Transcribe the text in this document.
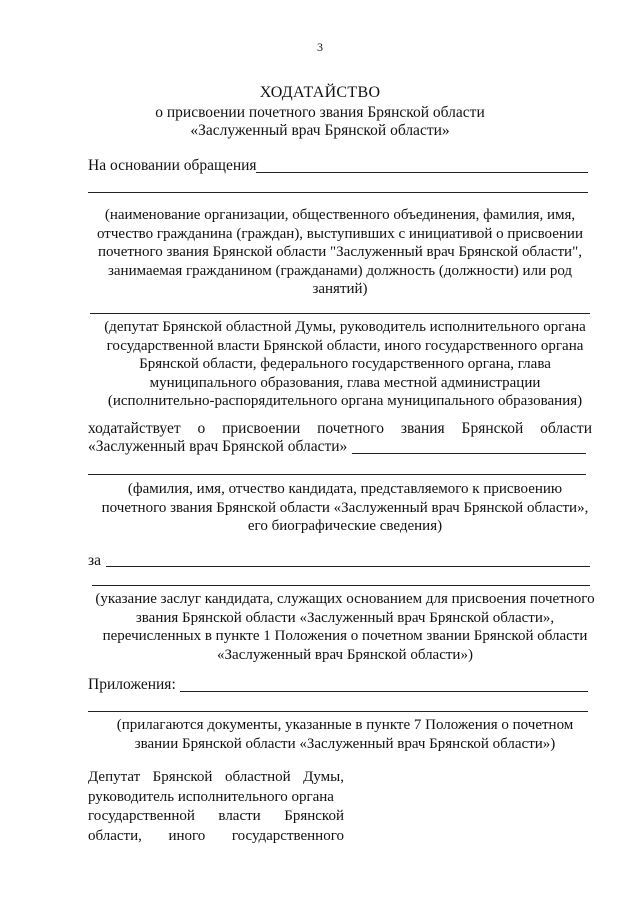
3
ХОДАТАЙСТВО
о присвоении почетного звания Брянской области
«Заслуженный врач Брянской области»
На основании обращения
(наименование организации, общественного объединения, фамилия, имя,
отчество гражданина (граждан), выступивших с инициативой о присвоении
почетного звания Брянской области "Заслуженный врач Брянской области",
занимаемая гражданином (гражданами) должность (должности) или род
занятий)
(депутат Брянской областной Думы, руководитель исполнительного органа
государственной власти Брянской области, иного государственного органа
Брянской области, федерального государственного органа, глава
муниципального образования, глава местной администрации
(исполнительно-распорядительного органа муниципального образования)
ходатайствует о присвоении почетного звания Брянской области
«Заслуженный врач Брянской области»
(фамилия, имя, отчество кандидата, представляемого к присвоению
почетного звания Брянской области «Заслуженный врач Брянской области»,
его биографические сведения)
за
(указание заслуг кандидата, служащих основанием для присвоения почетного
звания Брянской области «Заслуженный врач Брянской области»,
перечисленных в пункте 1 Положения о почетном звании Брянской области
«Заслуженный врач Брянской области»)
Приложения:
(прилагаются документы, указанные в пункте 7 Положения о почетном
звании Брянской области «Заслуженный врач Брянской области»)
Депутат Брянской областной Думы,
руководитель исполнительного органа
государственной власти Брянской
области, иного государственного
